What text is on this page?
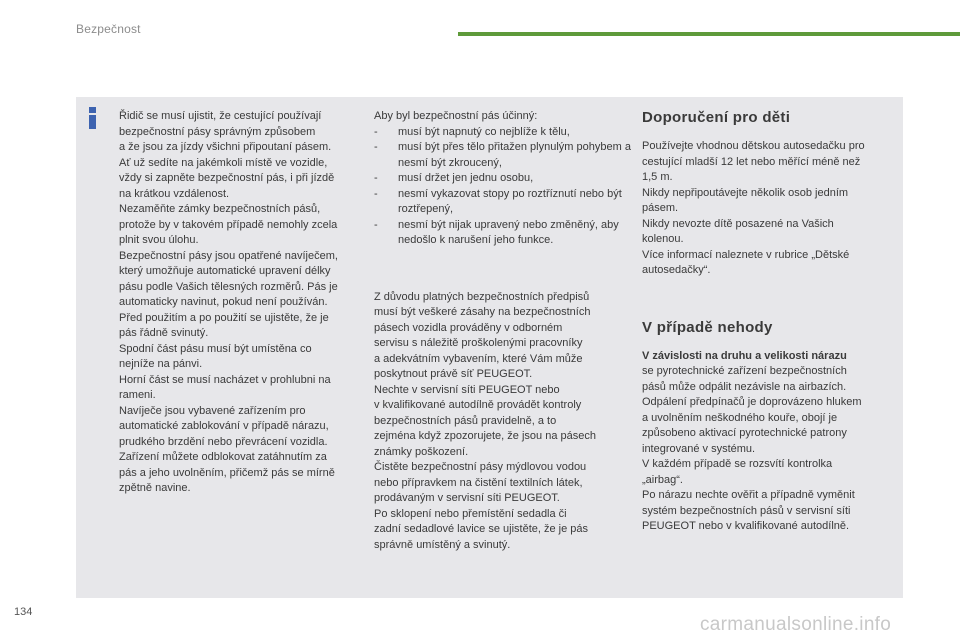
Bezpečnost

Řidič se musí ujistit, že cestující používají

bezpečnostní pásy správným způsobem

a že jsou za jízdy všichni připoutaní pásem.

Ať už sedíte na jakémkoli místě ve vozidle,

vždy si zapněte bezpečnostní pás, i při jízdě

na krátkou vzdálenost.

Nezaměňte zámky bezpečnostních pásů,

protože by v takovém případě nemohly zcela

plnit svou úlohu.

Bezpečnostní pásy jsou opatřené navíječem,

který umožňuje automatické upravení délky

pásu podle Vašich tělesných rozměrů. Pás je

automaticky navinut, pokud není používán.

Před použitím a po použití se ujistěte, že je

pás řádně svinutý.

Spodní část pásu musí být umístěna co

nejníže na pánvi.

Horní část se musí nacházet v prohlubni na

rameni.

Navíječe jsou vybavené zařízením pro

automatické zablokování v případě nárazu,

prudkého brzdění nebo převrácení vozidla.

Zařízení můžete odblokovat zatáhnutím za

pás a jeho uvolněním, přičemž pás se mírně

zpětně navine.

Aby byl bezpečnostní pás účinný:

- musí být napnutý co nejblíže k tělu,
- musí být přes tělo přitažen plynulým pohybem a nesmí být zkroucený,
- musí držet jen jednu osobu,
- nesmí vykazovat stopy po roztříznutí nebo být roztřepený,
- nesmí být nijak upravený nebo změněný, aby nedošlo k narušení jeho funkce.

Z důvodu platných bezpečnostních předpisů

musí být veškeré zásahy na bezpečnostních

pásech vozidla prováděny v odborném

servisu s náležitě proškolenými pracovníky

a adekvátním vybavením, které Vám může

poskytnout právě síť PEUGEOT.

Nechte v servisní síti PEUGEOT nebo

v kvalifikované autodílně provádět kontroly

bezpečnostních pásů pravidelně, a to

zejména když zpozorujete, že jsou na pásech

známky poškození.

Čistěte bezpečnostní pásy mýdlovou vodou

nebo přípravkem na čistění textilních látek,

prodávaným v servisní síti PEUGEOT.

Po sklopení nebo přemístění sedadla či

zadní sedadlové lavice se ujistěte, že je pás

správně umístěný a svinutý.

Doporučení pro děti

Používejte vhodnou dětskou autosedačku pro

cestující mladší 12 let nebo měřící méně než

1,5 m.

Nikdy nepřipoutávejte několik osob jedním

pásem.

Nikdy nevozte dítě posazené na Vašich

kolenou.

Více informací naleznete v rubrice „Dětské

autosedačky“.

V případě nehody

V závislosti na druhu a velikosti nárazu

se pyrotechnické zařízení bezpečnostních

pásů může odpálit nezávisle na airbazích.

Odpálení předpínačů je doprovázeno hlukem

a uvolněním neškodného kouře, obojí je

způsobeno aktivací pyrotechnické patrony

integrované v systému.

V každém případě se rozsvítí kontrolka

„airbag“.

Po nárazu nechte ověřit a případně vyměnit

systém bezpečnostních pásů v servisní síti

PEUGEOT nebo v kvalifikované autodílně.

134
carmanualsonline.info
